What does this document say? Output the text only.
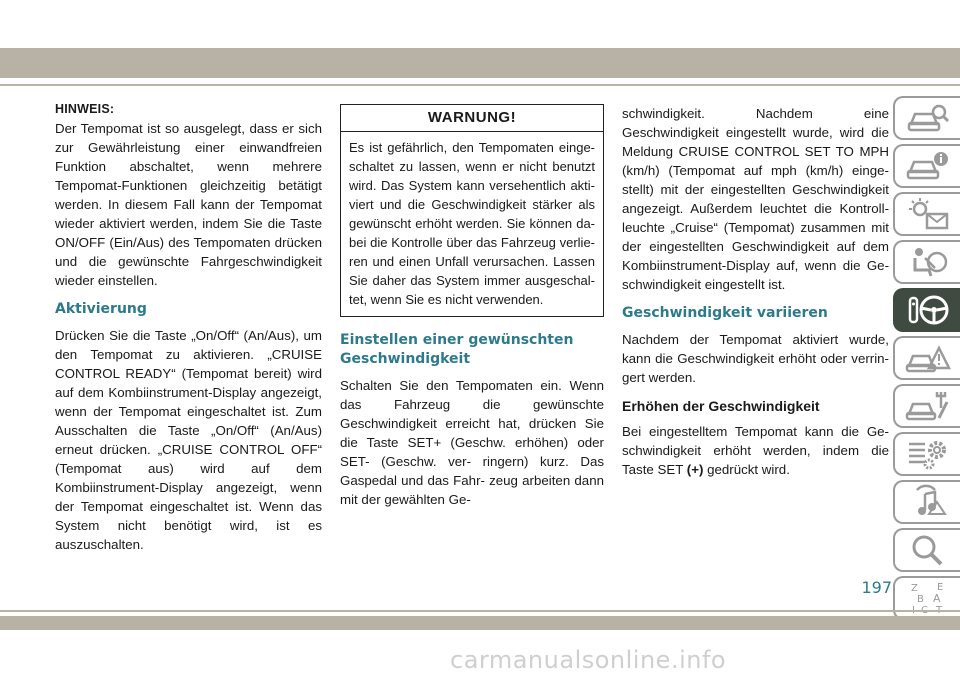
HINWEIS:

Der Tempomat ist so ausgelegt, dass er sich zur Gewährleistung einer einwandfreien Funktion abschaltet, wenn mehrere Tempomat-Funktionen gleichzeitig betätigt werden. In diesem Fall kann der Tempomat wieder aktiviert werden, indem Sie die Taste ON/OFF (Ein/Aus) des Tempomaten drücken und die gewünschte Fahrgeschwindigkeit wieder einstellen.

Aktivierung

Drücken Sie die Taste „On/Off“ (An/Aus), um den Tempomat zu aktivieren. „CRUISE CONTROL READY“ (Tempomat bereit) wird auf dem Kombiinstrument-Display angezeigt, wenn der Tempomat eingeschaltet ist. Zum Ausschalten die Taste „On/Off“ (An/Aus) erneut drücken. „CRUISE CONTROL OFF“ (Tempomat aus) wird auf dem Kombiinstrument-Display angezeigt, wenn der Tempomat eingeschaltet ist. Wenn das System nicht benötigt wird, ist es auszuschalten.

WARNUNG!
Es ist gefährlich, den Tempomaten einge- schaltet zu lassen, wenn er nicht benutzt wird. Das System kann versehentlich akti- viert und die Geschwindigkeit stärker als gewünscht erhöht werden. Sie können da- bei die Kontrolle über das Fahrzeug verlie- ren und einen Unfall verursachen. Lassen Sie daher das System immer ausgeschal- tet, wenn Sie es nicht verwenden.
Einstellen einer gewünschten Geschwindigkeit

Schalten Sie den Tempomaten ein. Wenn das Fahrzeug die gewünschte Geschwindigkeit erreicht hat, drücken Sie die Taste SET+ (Geschw. erhöhen) oder SET- (Geschw. ver- ringern) kurz. Das Gaspedal und das Fahr- zeug arbeiten dann mit der gewählten Ge-

schwindigkeit. Nachdem eine Geschwindigkeit eingestellt wurde, wird die Meldung CRUISE CONTROL SET TO MPH (km/h) (Tempomat auf mph (km/h) einge- stellt) mit der eingestellten Geschwindigkeit angezeigt. Außerdem leuchtet die Kontroll- leuchte „Cruise“ (Tempomat) zusammen mit der eingestellten Geschwindigkeit auf dem Kombiinstrument-Display auf, wenn die Ge- schwindigkeit eingestellt ist.

Geschwindigkeit variieren

Nachdem der Tempomat aktiviert wurde, kann die Geschwindigkeit erhöht oder verrin- gert werden.

Erhöhen der Geschwindigkeit

Bei eingestelltem Tempomat kann die Ge- schwindigkeit erhöht werden, indem die Taste SET (+) gedrückt wird.

Z
B
E
A
197
carmanualsonline.info
